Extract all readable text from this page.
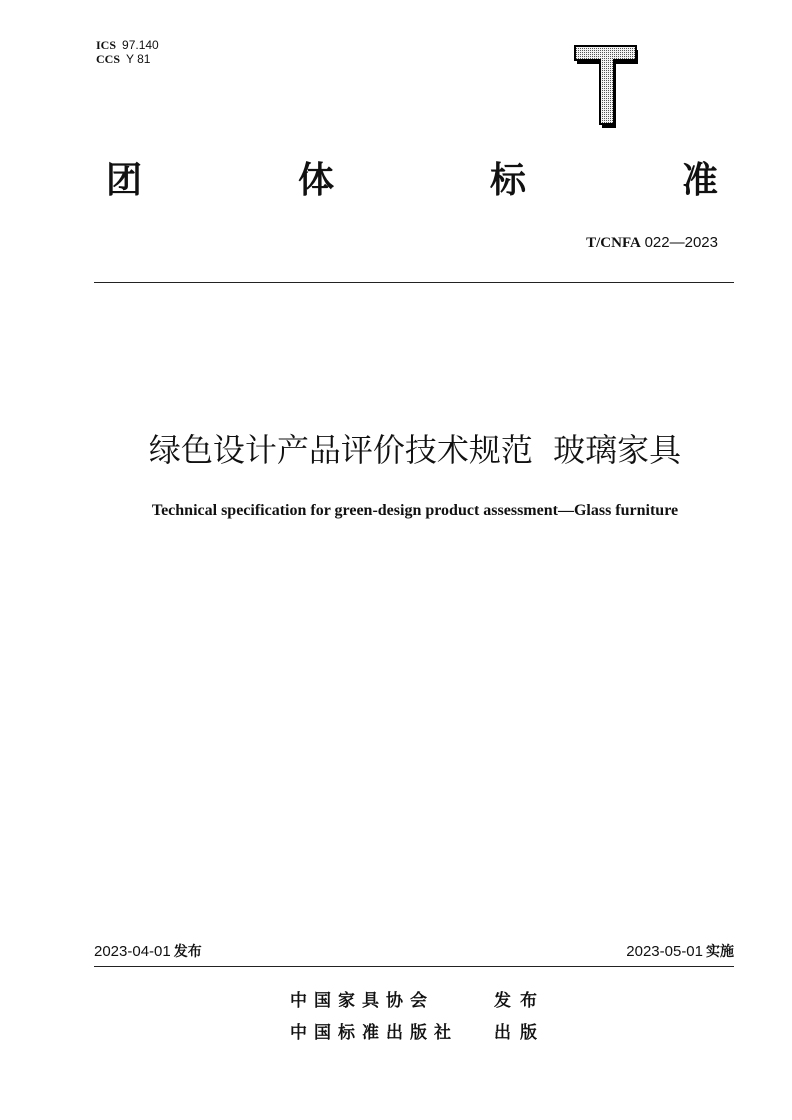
ICS 97.140
CCS Y 81
团	体	标	准
T/CNFA 022—2023
绿色设计产品评价技术规范  玻璃家具
Technical specification for green-design product assessment—Glass furniture
2023-04-01 发布	2023-05-01 实施
中国家具协会	发布
中国标准出版社 出版
